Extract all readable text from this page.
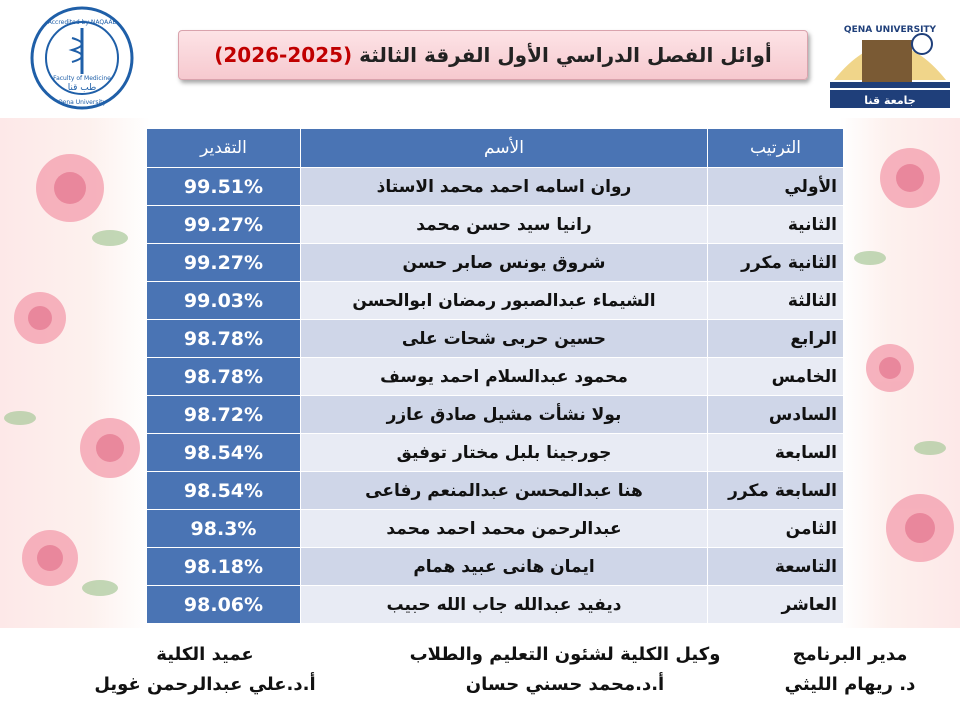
Accredited by NAQAAE
Faculty of Medicine
طب قنا
Qena University
QENA UNIVERSITY
جامعة قنا
أوائل الفصل الدراسي الأول الفرقة الثالثة (2025-2026)
الترتيب	الأسم	التقدير
الأولي	روان اسامه احمد محمد الاستاذ	99.51%
الثانية	رانيا سيد حسن محمد	99.27%
الثانية مكرر	شروق يونس صابر حسن	99.27%
الثالثة	الشيماء عبدالصبور رمضان ابوالحسن	99.03%
الرابع	حسين حربى شحات على	98.78%
الخامس	محمود عبدالسلام احمد يوسف	98.78%
السادس	بولا نشأت مشيل صادق عازر	98.72%
السابعة	جورجينا بلبل مختار توفيق	98.54%
السابعة مكرر	هنا عبدالمحسن عبدالمنعم رفاعى	98.54%
الثامن	عبدالرحمن محمد احمد محمد	98.3%
التاسعة	ايمان هانى عبيد همام	98.18%
العاشر	ديفيد عبدالله جاب الله حبيب	98.06%
عميد الكلية
أ.د.علي عبدالرحمن غويل
وكيل الكلية لشئون التعليم والطلاب
أ.د.محمد حسني حسان
مدير البرنامج
د. ريهام الليثي
